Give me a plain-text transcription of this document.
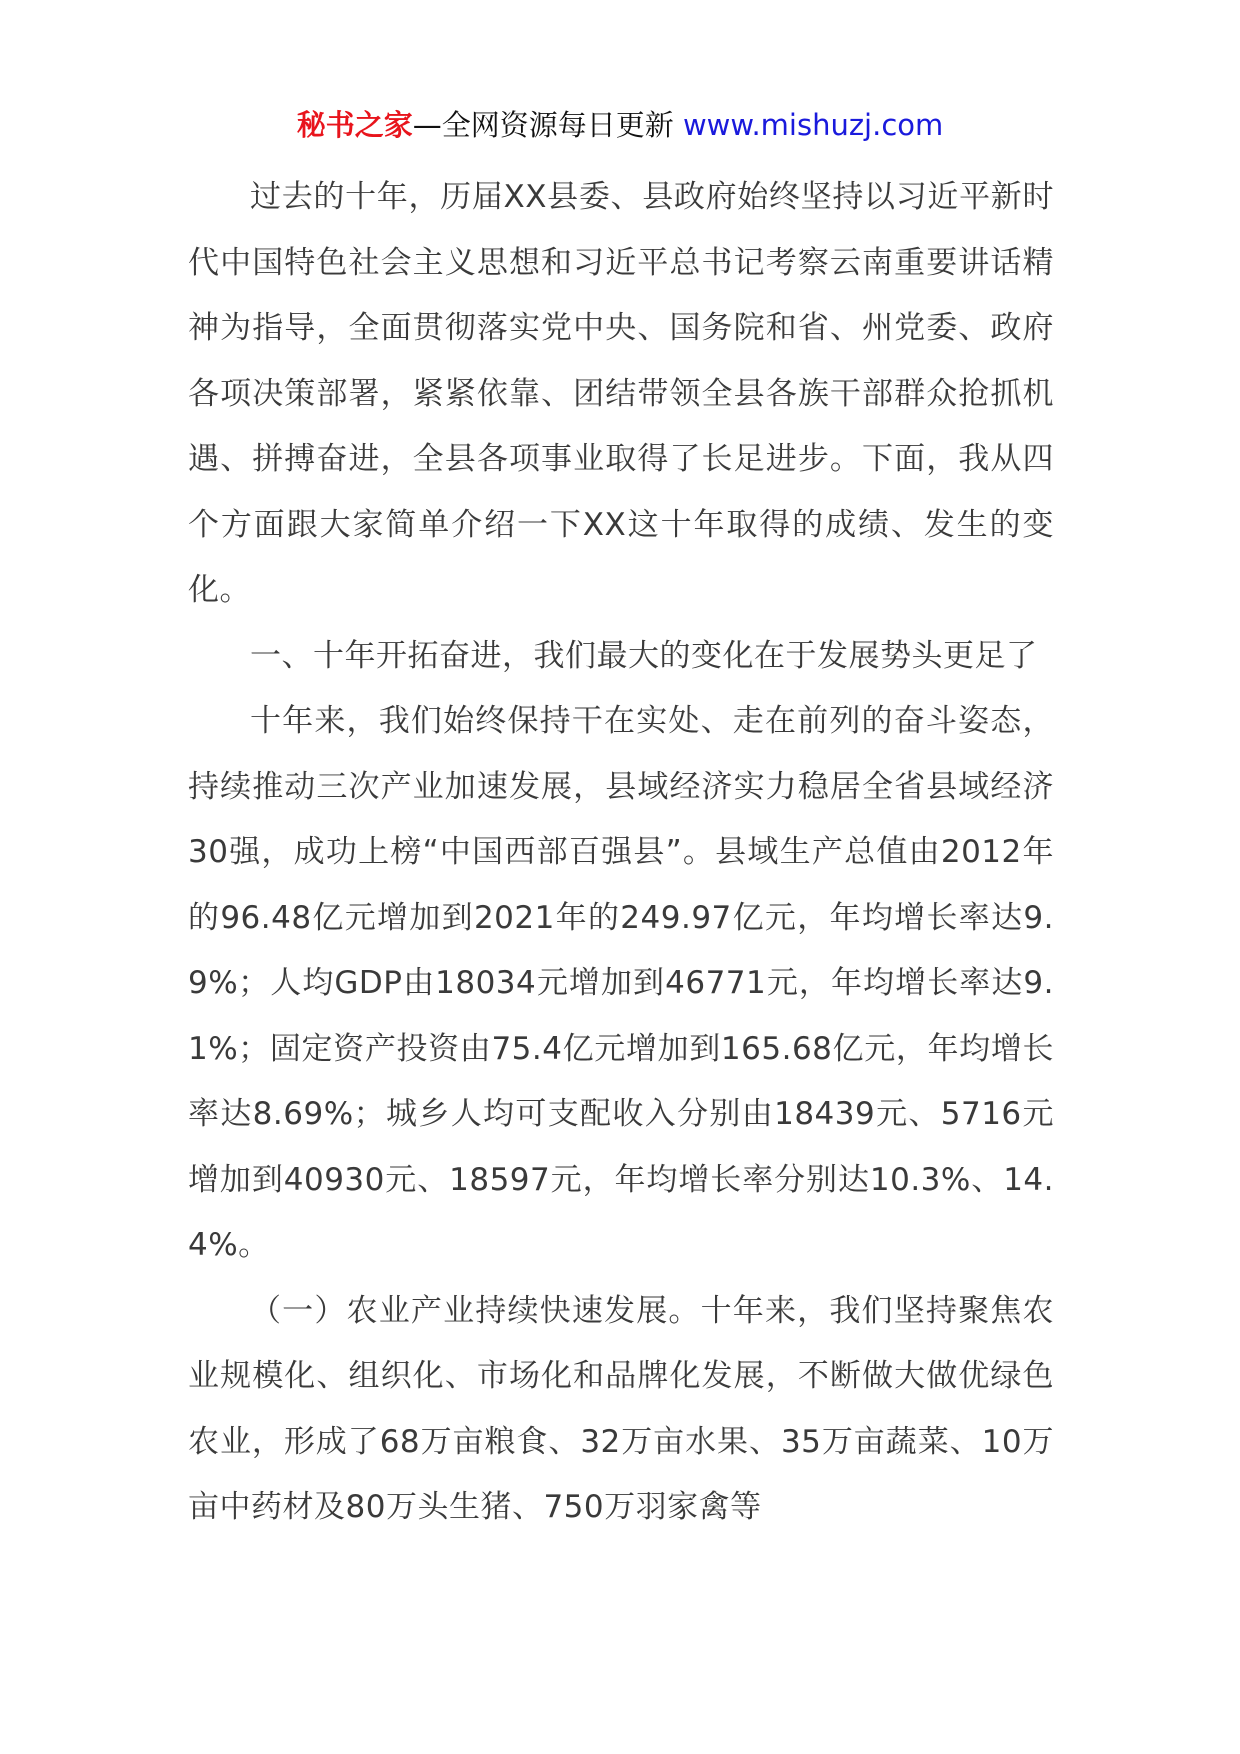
秘书之家—全网资源每日更新 www.mishuzj.com

过去的十年，历届XX县委、县政府始终坚持以习近平新时代中国特色社会主义思想和习近平总书记考察云南重要讲话精神为指导，全面贯彻落实党中央、国务院和省、州党委、政府各项决策部署，紧紧依靠、团结带领全县各族干部群众抢抓机遇、拼搏奋进，全县各项事业取得了长足进步。下面，我从四个方面跟大家简单介绍一下XX这十年取得的成绩、发生的变化。

一、十年开拓奋进，我们最大的变化在于发展势头更足了

十年来，我们始终保持干在实处、走在前列的奋斗姿态，持续推动三次产业加速发展，县域经济实力稳居全省县域经济30强，成功上榜“中国西部百强县”。县域生产总值由2012年的96.48亿元增加到2021年的249.97亿元，年均增长率达9.9%；人均GDP由18034元增加到46771元，年均增长率达9.1%；固定资产投资由75.4亿元增加到165.68亿元，年均增长率达8.69%；城乡人均可支配收入分别由18439元、5716元增加到40930元、18597元，年均增长率分别达10.3%、14.4%。

（一）农业产业持续快速发展。十年来，我们坚持聚焦农业规模化、组织化、市场化和品牌化发展，不断做大做优绿色农业，形成了68万亩粮食、32万亩水果、35万亩蔬菜、10万亩中药材及80万头生猪、750万羽家禽等
